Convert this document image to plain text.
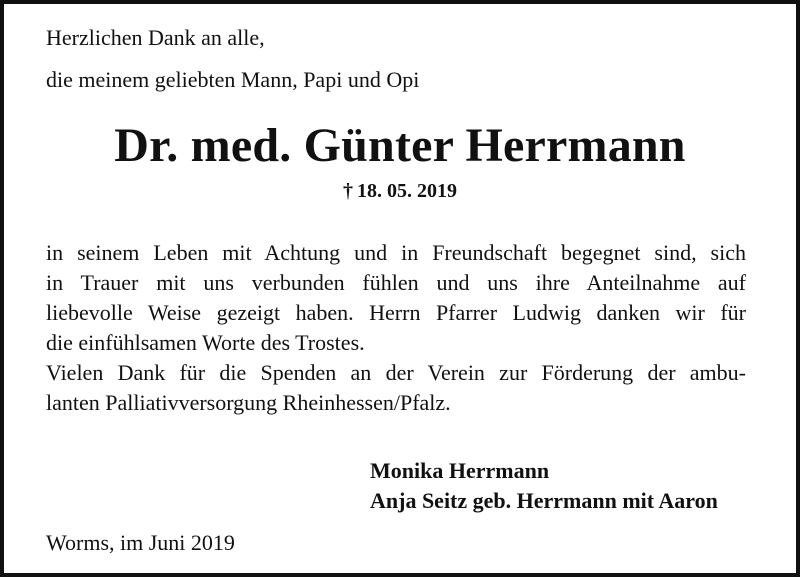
Herzlichen Dank an alle,

die meinem geliebten Mann, Papi und Opi

Dr. med. Günter Herrmann

† 18. 05. 2019

in seinem Leben mit Achtung und in Freundschaft begegnet sind, sich
in Trauer mit uns verbunden fühlen und uns ihre Anteilnahme auf
liebevolle Weise gezeigt haben. Herrn Pfarrer Ludwig danken wir für
die einfühlsamen Worte des Trostes.
Vielen Dank für die Spenden an der Verein zur Förderung der ambu-
lanten Palliativversorgung Rheinhessen/Pfalz.

Monika Herrmann
Anja Seitz geb. Herrmann mit Aaron

Worms, im Juni 2019
